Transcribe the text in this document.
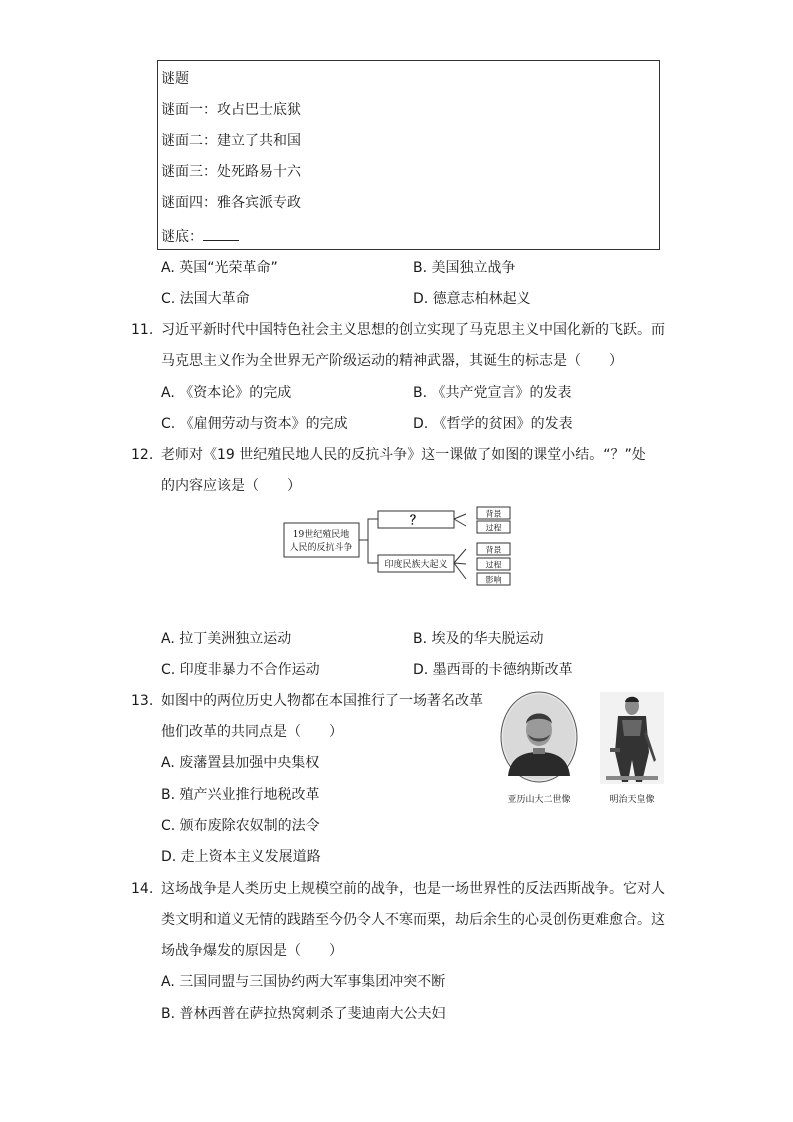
谜题
谜面一：攻占巴士底狱
谜面二：建立了共和国
谜面三：处死路易十六
谜面四：雅各宾派专政
谜底：
A. 英国“光荣革命”	B. 美国独立战争
C. 法国大革命	D. 德意志柏林起义
11. 习近平新时代中国特色社会主义思想的创立实现了马克思主义中国化新的飞跃。而
马克思主义作为全世界无产阶级运动的精神武器，其诞生的标志是（　　）
A. 《资本论》的完成	B. 《共产党宣言》的发表
C. 《雇佣劳动与资本》的完成	D. 《哲学的贫困》的发表
12. 老师对《19 世纪殖民地人民的反抗斗争》这一课做了如图的课堂小结。“？”处
的内容应该是（　　）
19世纪殖民地
人民的反抗斗争
？
印度民族大起义
背景
过程
背景
过程
影响
A. 拉丁美洲独立运动	B. 埃及的华夫脱运动
C. 印度非暴力不合作运动	D. 墨西哥的卡德纳斯改革
13. 如图中的两位历史人物都在本国推行了一场著名改革
他们改革的共同点是（　　）
A. 废藩置县加强中央集权
B. 殖产兴业推行地税改革
C. 颁布废除农奴制的法令
D. 走上资本主义发展道路
亚历山大二世像	明治天皇像
14. 这场战争是人类历史上规模空前的战争，也是一场世界性的反法西斯战争。它对人
类文明和道义无情的践踏至今仍令人不寒而栗，劫后余生的心灵创伤更难愈合。这
场战争爆发的原因是（　　）
A. 三国同盟与三国协约两大军事集团冲突不断
B. 普林西普在萨拉热窝刺杀了斐迪南大公夫妇
